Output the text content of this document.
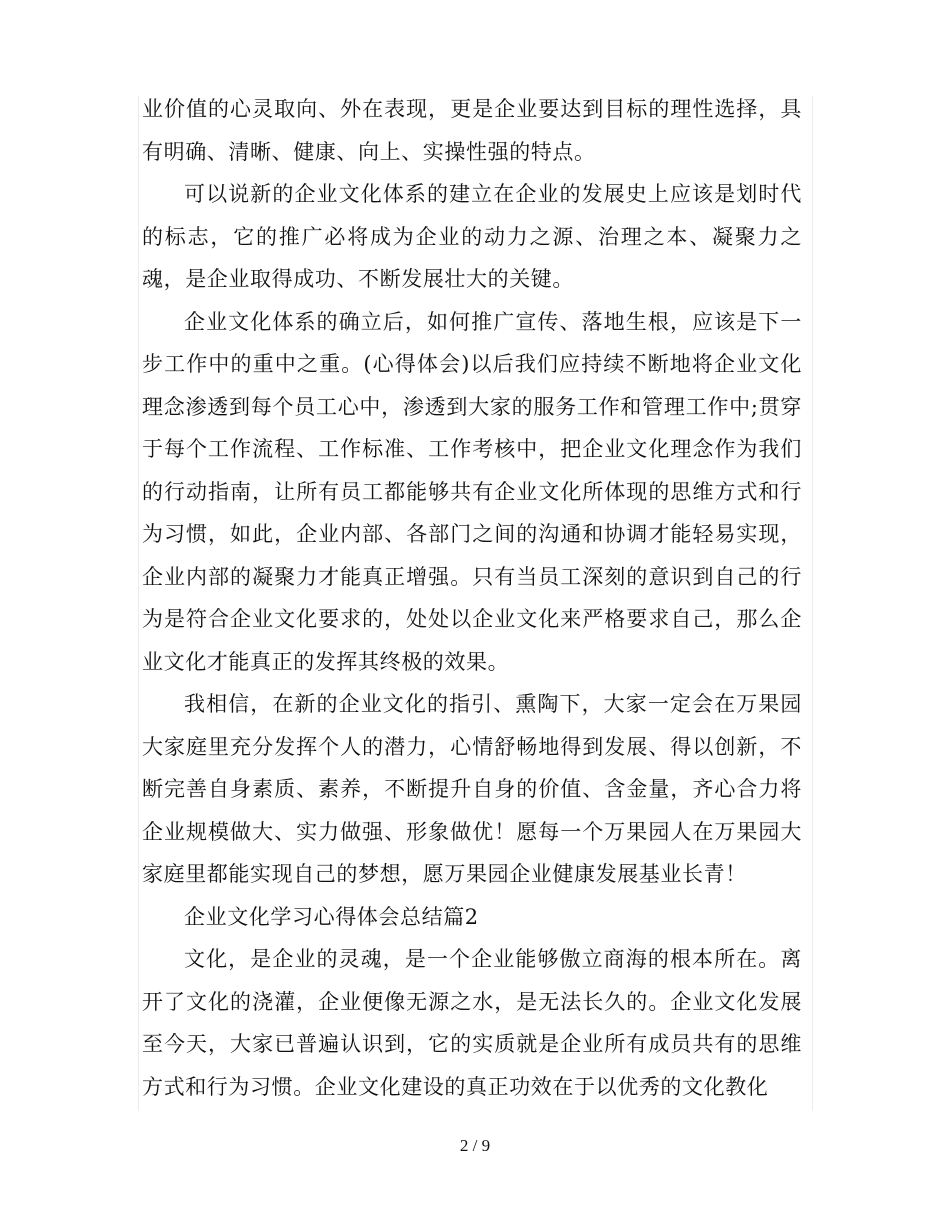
业价值的心灵取向、外在表现，更是企业要达到目标的理性选择，具有明确、清晰、健康、向上、实操性强的特点。

可以说新的企业文化体系的建立在企业的发展史上应该是划时代的标志，它的推广必将成为企业的动力之源、治理之本、凝聚力之魂，是企业取得成功、不断发展壮大的关键。

企业文化体系的确立后，如何推广宣传、落地生根，应该是下一步工作中的重中之重。(心得体会)以后我们应持续不断地将企业文化理念渗透到每个员工心中，渗透到大家的服务工作和管理工作中;贯穿于每个工作流程、工作标准、工作考核中，把企业文化理念作为我们的行动指南，让所有员工都能够共有企业文化所体现的思维方式和行为习惯，如此，企业内部、各部门之间的沟通和协调才能轻易实现，企业内部的凝聚力才能真正增强。只有当员工深刻的意识到自己的行为是符合企业文化要求的，处处以企业文化来严格要求自己，那么企业文化才能真正的发挥其终极的效果。

我相信，在新的企业文化的指引、熏陶下，大家一定会在万果园大家庭里充分发挥个人的潜力，心情舒畅地得到发展、得以创新，不断完善自身素质、素养，不断提升自身的价值、含金量，齐心合力将企业规模做大、实力做强、形象做优！愿每一个万果园人在万果园大家庭里都能实现自己的梦想，愿万果园企业健康发展基业长青！

企业文化学习心得体会总结篇2

文化，是企业的灵魂，是一个企业能够傲立商海的根本所在。离开了文化的浇灌，企业便像无源之水，是无法长久的。企业文化发展至今天，大家已普遍认识到，它的实质就是企业所有成员共有的思维方式和行为习惯。企业文化建设的真正功效在于以优秀的文化教化

2 / 9
